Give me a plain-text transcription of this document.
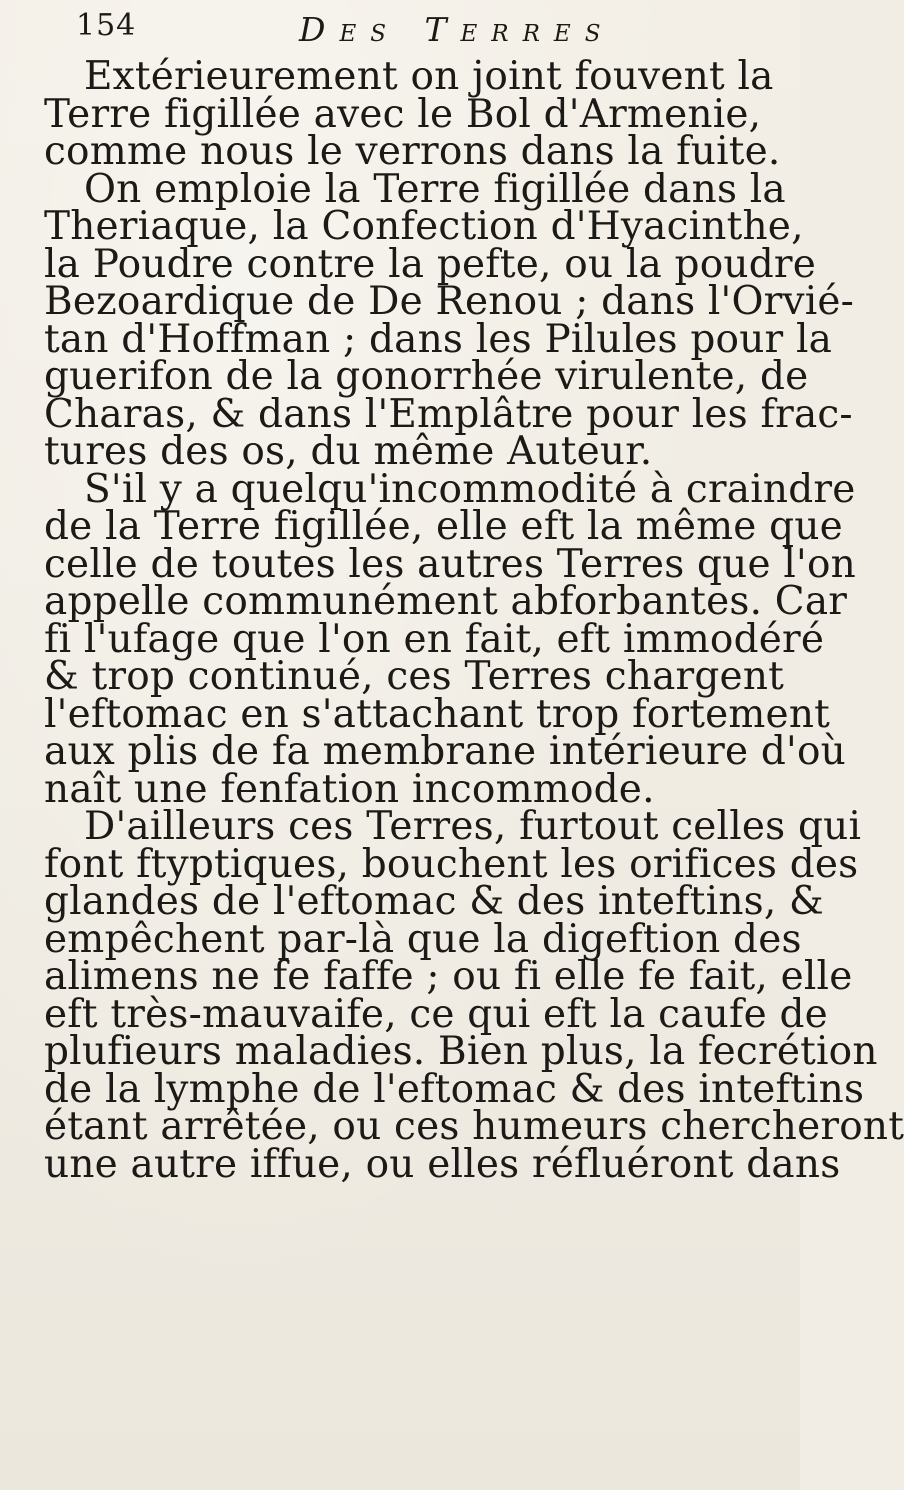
154	Des Terres

Extérieurement on joint fouvent la
Terre figillée avec le Bol d'Armenie,
comme nous le verrons dans la fuite.

On emploie la Terre figillée dans la
Theriaque, la Confection d'Hyacinthe,
la Poudre contre la pefte, ou la poudre
Bezoardique de De Renou ; dans l'Orvié-
tan d'Hoffman ; dans les Pilules pour la
guerifon de la gonorrhée virulente, de
Charas, & dans l'Emplâtre pour les frac-
tures des os, du même Auteur.

S'il y a quelqu'incommodité à craindre
de la Terre figillée, elle eft la même que
celle de toutes les autres Terres que l'on
appelle communément abforbantes. Car
fi l'ufage que l'on en fait, eft immodéré
& trop continué, ces Terres chargent
l'eftomac en s'attachant trop fortement
aux plis de fa membrane intérieure d'où
naît une fenfation incommode.

D'ailleurs ces Terres, furtout celles qui
font ftyptiques, bouchent les orifices des
glandes de l'eftomac & des inteftins, &
empêchent par-là que la digeftion des
alimens ne fe faffe ; ou fi elle fe fait, elle
eft très-mauvaife, ce qui eft la caufe de
plufieurs maladies. Bien plus, la fecrétion
de la lymphe de l'eftomac & des inteftins
étant arrêtée, ou ces humeurs chercheront
une autre iffue, ou elles réfluéront dans
